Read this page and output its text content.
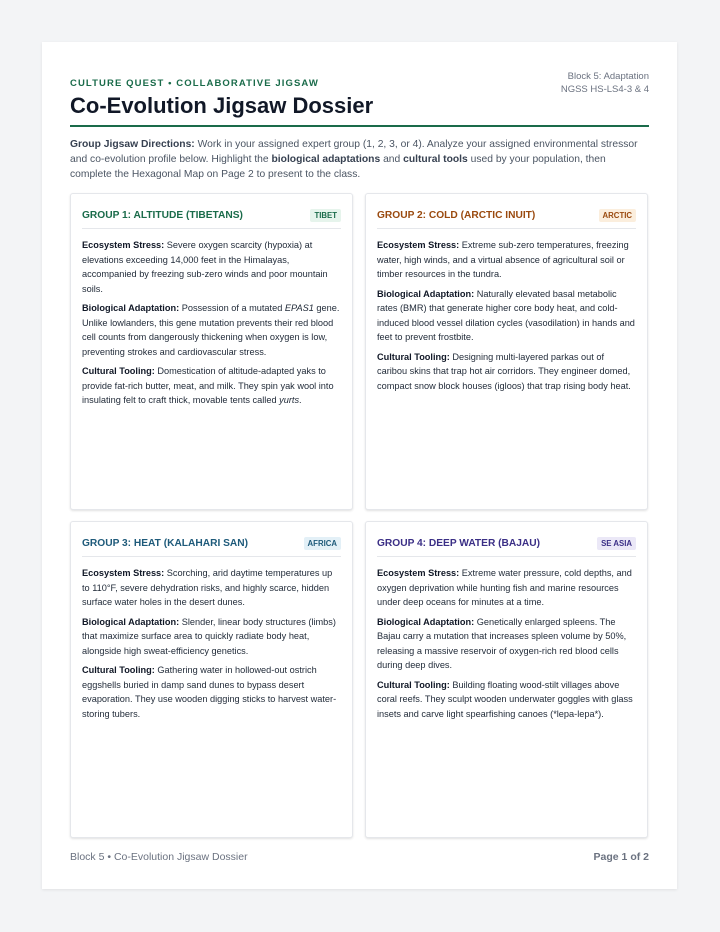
CULTURE QUEST • COLLABORATIVE JIGSAW
Co-Evolution Jigsaw Dossier
Block 5: Adaptation
NGSS HS-LS4-3 & 4
Group Jigsaw Directions: Work in your assigned expert group (1, 2, 3, or 4). Analyze your assigned environmental stressor and co-evolution profile below. Highlight the biological adaptations and cultural tools used by your population, then complete the Hexagonal Map on Page 2 to present to the class.
GROUP 1: ALTITUDE (TIBETANS)	TIBET

Ecosystem Stress: Severe oxygen scarcity (hypoxia) at elevations exceeding 14,000 feet in the Himalayas, accompanied by freezing sub-zero winds and poor mountain soils.

Biological Adaptation: Possession of a mutated EPAS1 gene. Unlike lowlanders, this gene mutation prevents their red blood cell counts from dangerously thickening when oxygen is low, preventing strokes and cardiovascular stress.

Cultural Tooling: Domestication of altitude-adapted yaks to provide fat-rich butter, meat, and milk. They spin yak wool into insulating felt to craft thick, movable tents called yurts.

GROUP 2: COLD (ARCTIC INUIT)	ARCTIC

Ecosystem Stress: Extreme sub-zero temperatures, freezing water, high winds, and a virtual absence of agricultural soil or timber resources in the tundra.

Biological Adaptation: Naturally elevated basal metabolic rates (BMR) that generate higher core body heat, and cold-induced blood vessel dilation cycles (vasodilation) in hands and feet to prevent frostbite.

Cultural Tooling: Designing multi-layered parkas out of caribou skins that trap hot air corridors. They engineer domed, compact snow block houses (igloos) that trap rising body heat.

GROUP 3: HEAT (KALAHARI SAN)	AFRICA

Ecosystem Stress: Scorching, arid daytime temperatures up to 110°F, severe dehydration risks, and highly scarce, hidden surface water holes in the desert dunes.

Biological Adaptation: Slender, linear body structures (limbs) that maximize surface area to quickly radiate body heat, alongside high sweat-efficiency genetics.

Cultural Tooling: Gathering water in hollowed-out ostrich eggshells buried in damp sand dunes to bypass desert evaporation. They use wooden digging sticks to harvest water-storing tubers.

GROUP 4: DEEP WATER (BAJAU)	SE ASIA

Ecosystem Stress: Extreme water pressure, cold depths, and oxygen deprivation while hunting fish and marine resources under deep oceans for minutes at a time.

Biological Adaptation: Genetically enlarged spleens. The Bajau carry a mutation that increases spleen volume by 50%, releasing a massive reservoir of oxygen-rich red blood cells during deep dives.

Cultural Tooling: Building floating wood-stilt villages above coral reefs. They sculpt wooden underwater goggles with glass insets and carve light spearfishing canoes (*lepa-lepa*).

Block 5 • Co-Evolution Jigsaw Dossier	Page 1 of 2
